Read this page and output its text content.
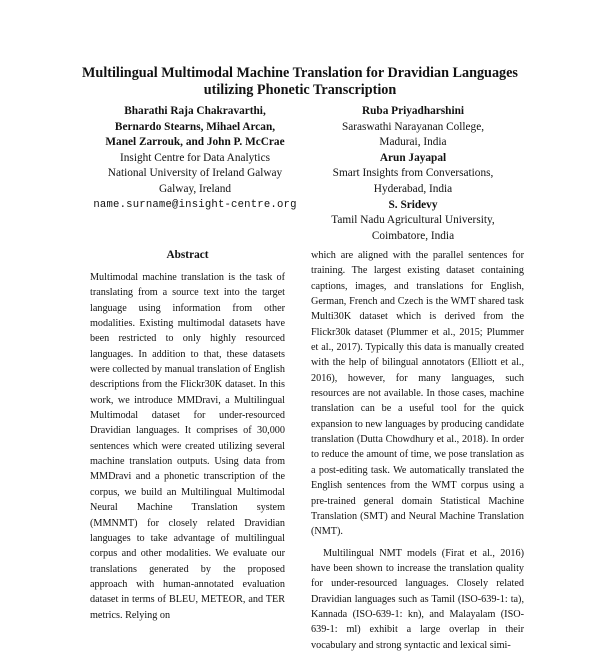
Multilingual Multimodal Machine Translation for Dravidian Languages
utilizing Phonetic Transcription
Bharathi Raja Chakravarthi,
Bernardo Stearns, Mihael Arcan,
Manel Zarrouk, and John P. McCrae
Insight Centre for Data Analytics
National University of Ireland Galway
Galway, Ireland
name.surname@insight-centre.org
Ruba Priyadharshini
Saraswathi Narayanan College,
Madurai, India
Arun Jayapal
Smart Insights from Conversations,
Hyderabad, India
S. Sridevy
Tamil Nadu Agricultural University,
Coimbatore, India
Abstract

Multimodal machine translation is the task of translating from a source text into the target language using information from other modalities. Existing multimodal datasets have been restricted to only highly resourced languages. In addition to that, these datasets were collected by manual translation of English descriptions from the Flickr30K dataset. In this work, we introduce MMDravi, a Multilingual Multimodal dataset for under-resourced Dravidian languages. It comprises of 30,000 sentences which were created utilizing several machine translation outputs. Using data from MMDravi and a phonetic transcription of the corpus, we build an Multilingual Multimodal Neural Machine Translation system (MMNMT) for closely related Dravidian languages to take advantage of multilingual corpus and other modalities. We evaluate our translations generated by the proposed approach with human-annotated evaluation dataset in terms of BLEU, METEOR, and TER metrics. Relying on

which are aligned with the parallel sentences for training. The largest existing dataset containing captions, images, and translations for English, German, French and Czech is the WMT shared task Multi30K dataset which is derived from the Flickr30k dataset (Plummer et al., 2015; Plummer et al., 2017). Typically this data is manually created with the help of bilingual annotators (Elliott et al., 2016), however, for many languages, such resources are not available. In those cases, machine translation can be a useful tool for the quick expansion to new languages by producing candidate translation (Dutta Chowdhury et al., 2018). In order to reduce the amount of time, we pose translation as a post-editing task. We automatically translated the English sentences from the WMT corpus using a pre-trained general domain Statistical Machine Translation (SMT) and Neural Machine Translation (NMT).

Multilingual NMT models (Firat et al., 2016) have been shown to increase the translation quality for under-resourced languages. Closely related Dravidian languages such as Tamil (ISO-639-1: ta), Kannada (ISO-639-1: kn), and Malayalam (ISO-639-1: ml) exhibit a large overlap in their vocabulary and strong syntactic and lexical simi-
